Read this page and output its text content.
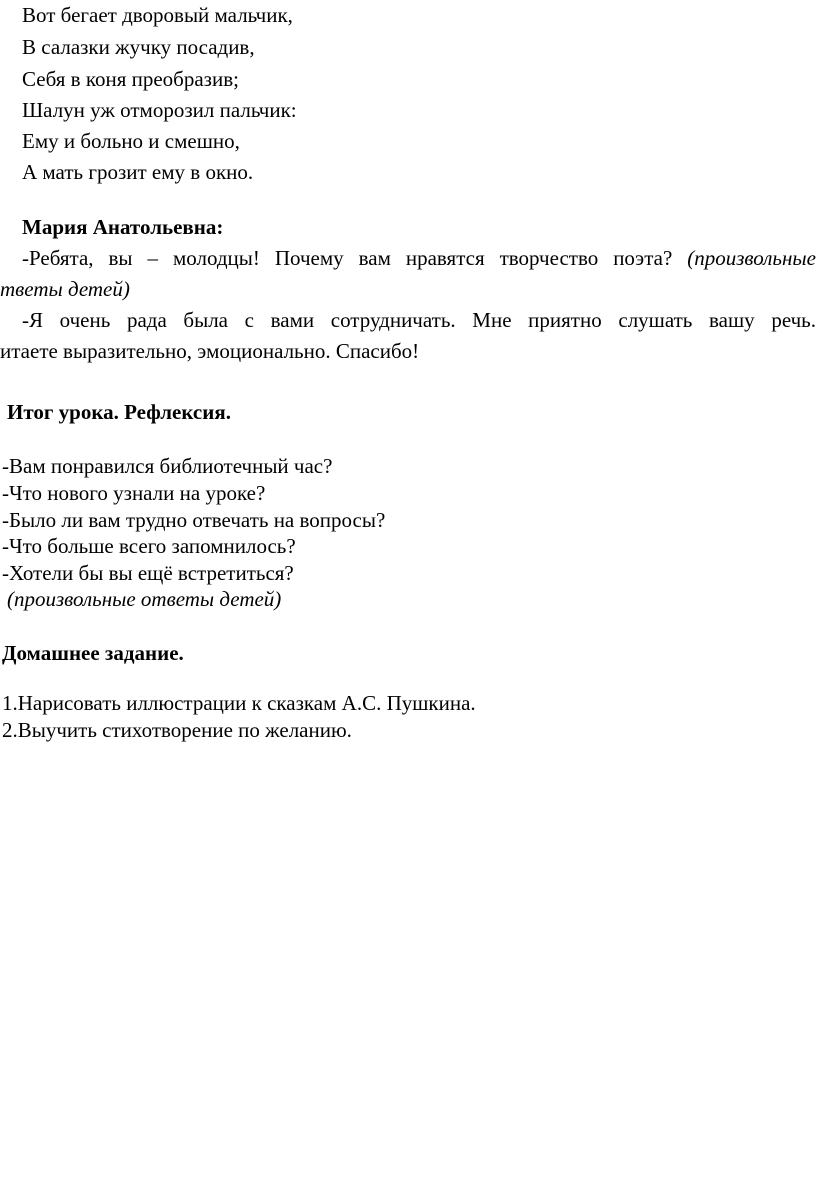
Вот бегает дворовый мальчик,
В салазки жучку посадив,
Себя в коня преобразив;
Шалун уж отморозил пальчик:
Ему и больно и смешно,
А мать грозит ему в окно.
Мария Анатольевна:
-Ребята, вы – молодцы! Почему вам нравятся творчество поэта? (произвольные
тветы детей)
-Я очень рада была с вами сотрудничать. Мне приятно слушать вашу речь.
итаете выразительно, эмоционально. Спасибо!
Итог урока. Рефлексия.
-Вам понравился библиотечный час?
-Что нового узнали на уроке?
-Было ли вам трудно отвечать на вопросы?
-Что больше всего запомнилось?
-Хотели бы вы ещё встретиться?
(произвольные ответы детей)
Домашнее задание.
1.Нарисовать иллюстрации к сказкам А.С. Пушкина.
2.Выучить стихотворение по желанию.
